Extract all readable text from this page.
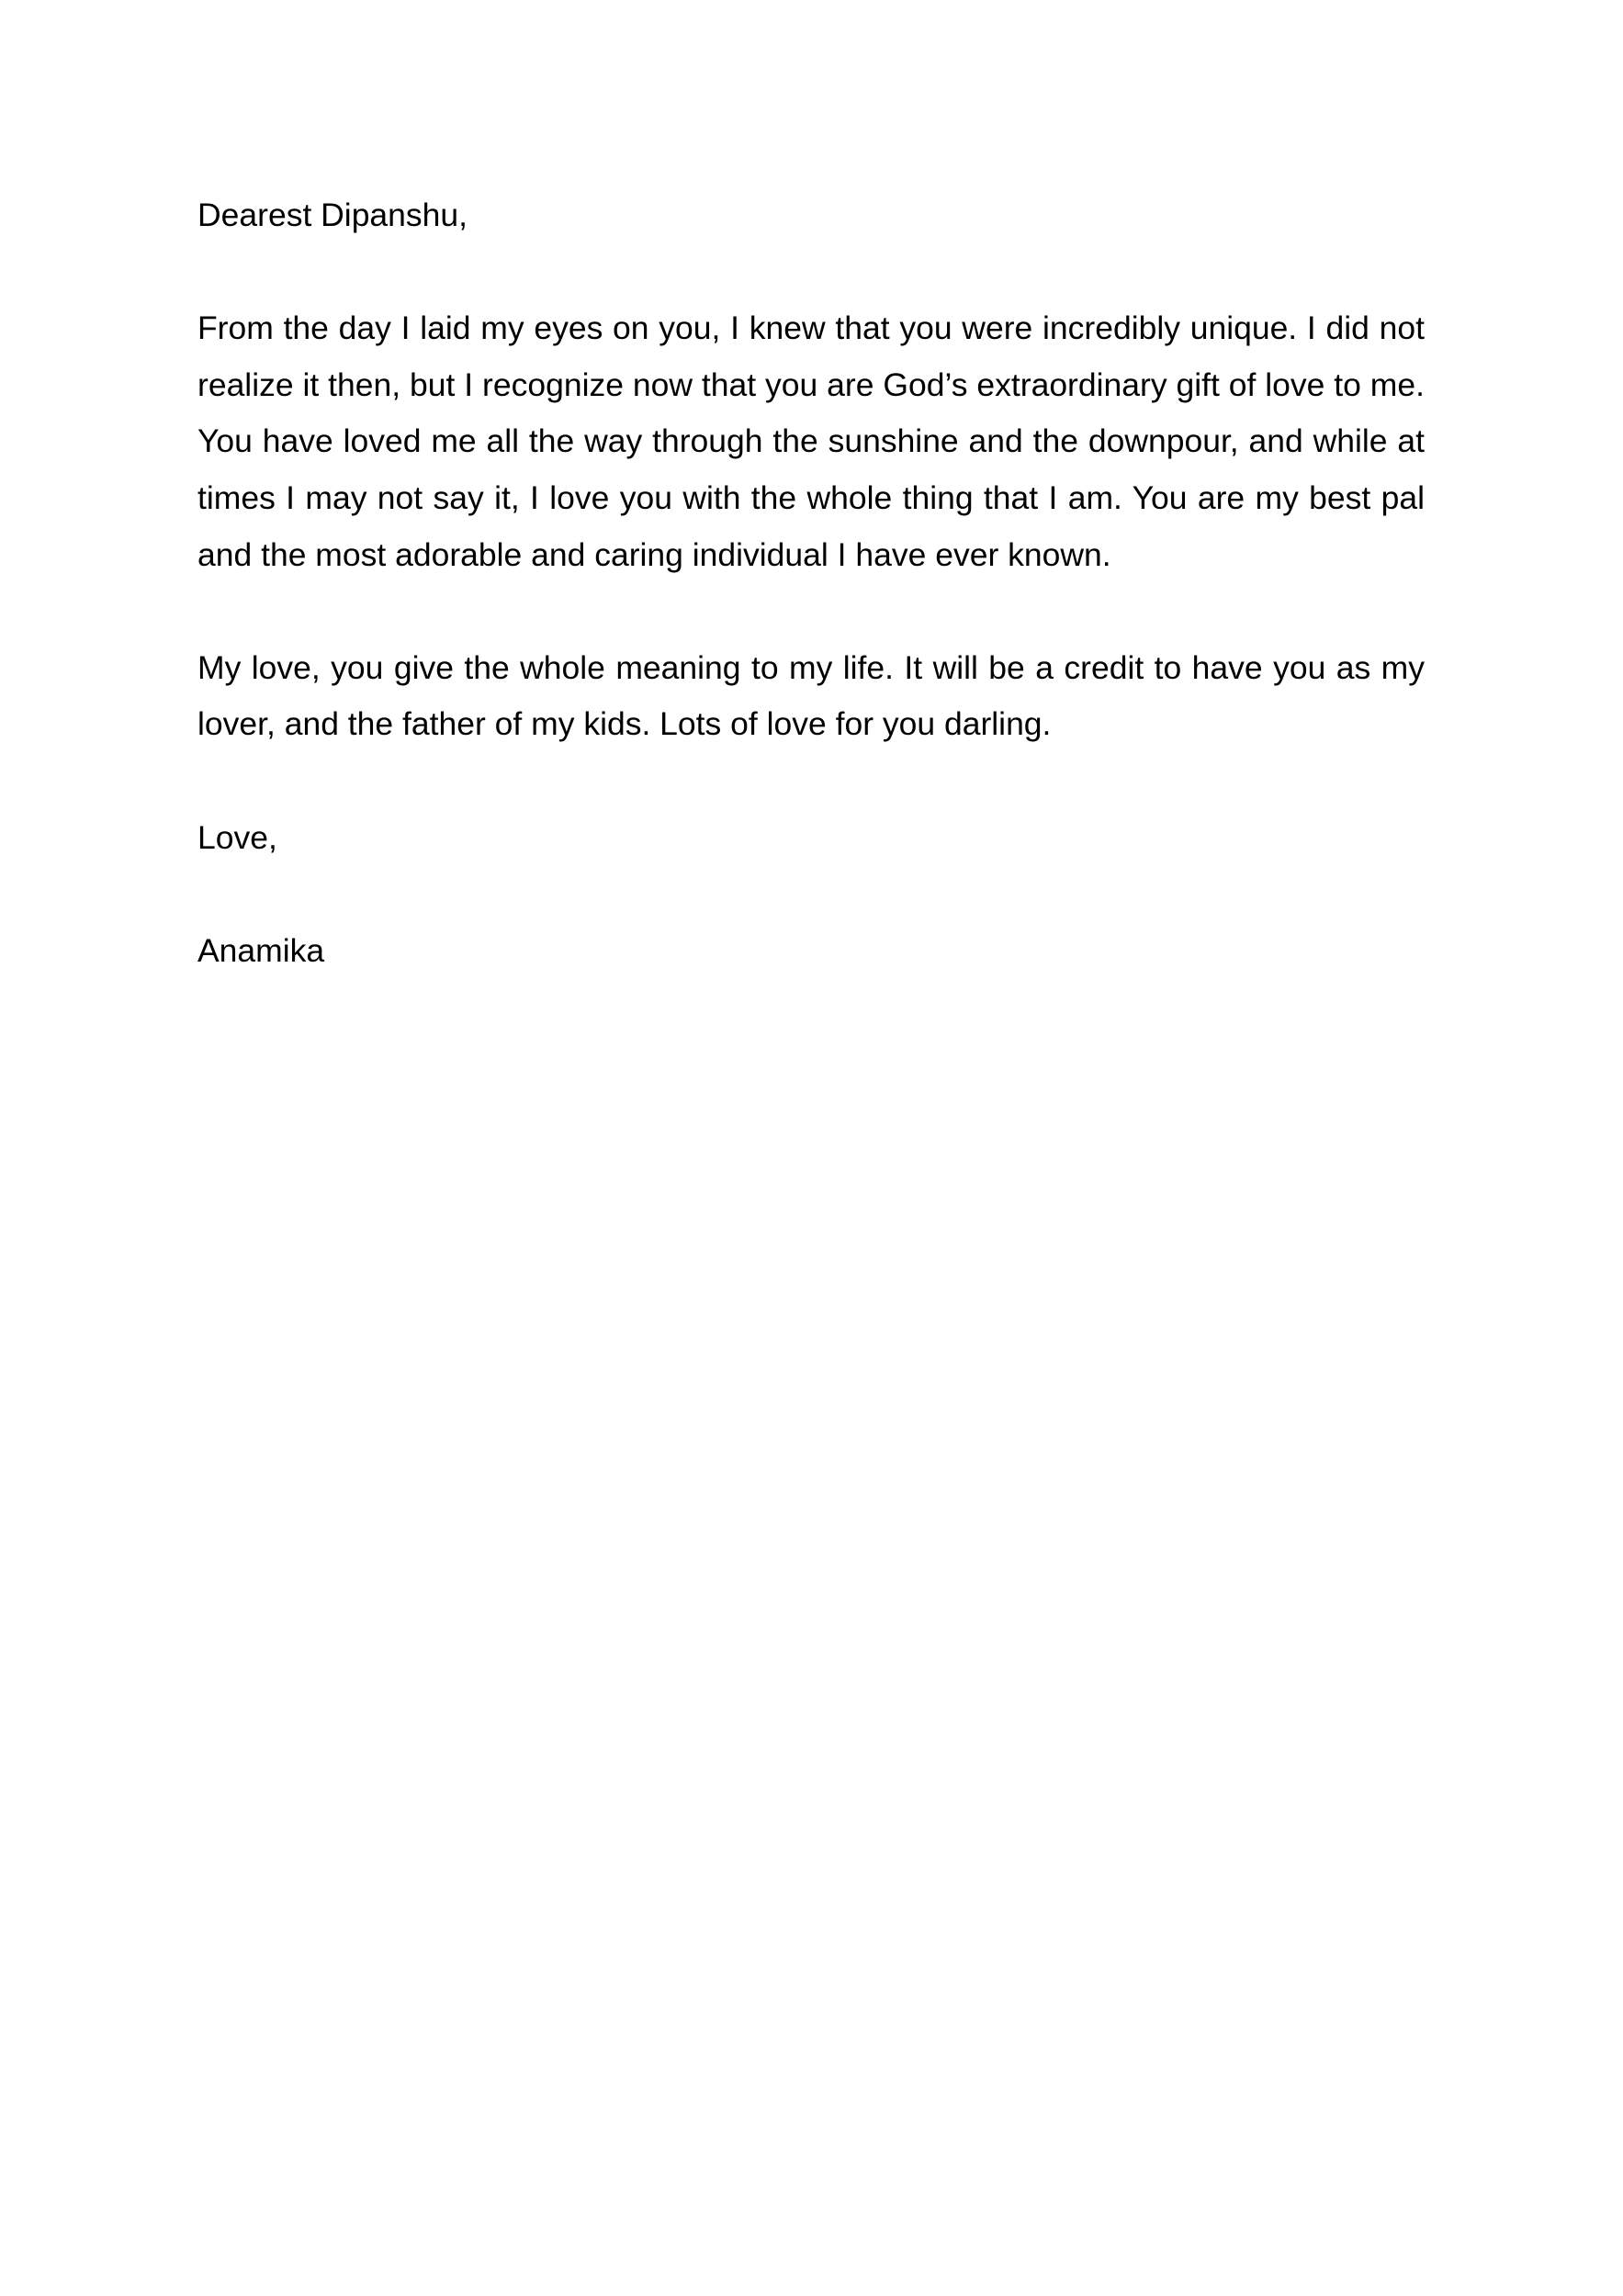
Dearest Dipanshu,

From the day I laid my eyes on you, I knew that you were incredibly unique. I did not realize it then, but I recognize now that you are God’s extraordinary gift of love to me. You have loved me all the way through the sunshine and the downpour, and while at times I may not say it, I love you with the whole thing that I am. You are my best pal and the most adorable and caring individual I have ever known.

My love, you give the whole meaning to my life. It will be a credit to have you as my lover, and the father of my kids. Lots of love for you darling.

Love,

Anamika
